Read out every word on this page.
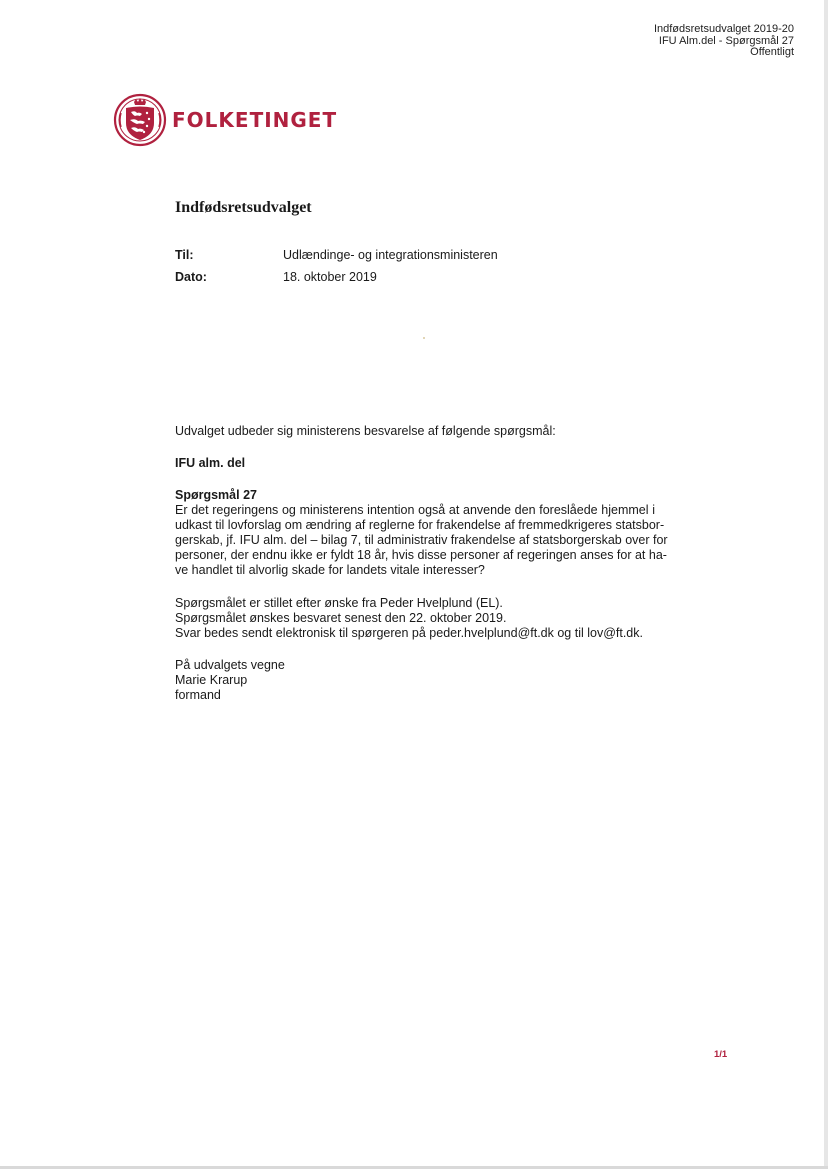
Indfødsretsudvalget 2019-20
IFU Alm.del - Spørgsmål 27
Offentligt
FOLKETINGET
Indfødsretsudvalget
Til:	Udlændinge- og integrationsministeren
Dato:	18. oktober 2019
Udvalget udbeder sig ministerens besvarelse af følgende spørgsmål:
IFU alm. del
Spørgsmål 27
Er det regeringens og ministerens intention også at anvende den foreslåede hjemmel i
udkast til lovforslag om ændring af reglerne for frakendelse af fremmedkrigeres statsbor-
gerskab, jf. IFU alm. del – bilag 7, til administrativ frakendelse af statsborgerskab over for
personer, der endnu ikke er fyldt 18 år, hvis disse personer af regeringen anses for at ha-
ve handlet til alvorlig skade for landets vitale interesser?
Spørgsmålet er stillet efter ønske fra Peder Hvelplund (EL).
Spørgsmålet ønskes besvaret senest den 22. oktober 2019.
Svar bedes sendt elektronisk til spørgeren på peder.hvelplund@ft.dk og til lov@ft.dk.
På udvalgets vegne
Marie Krarup
formand
1/1
